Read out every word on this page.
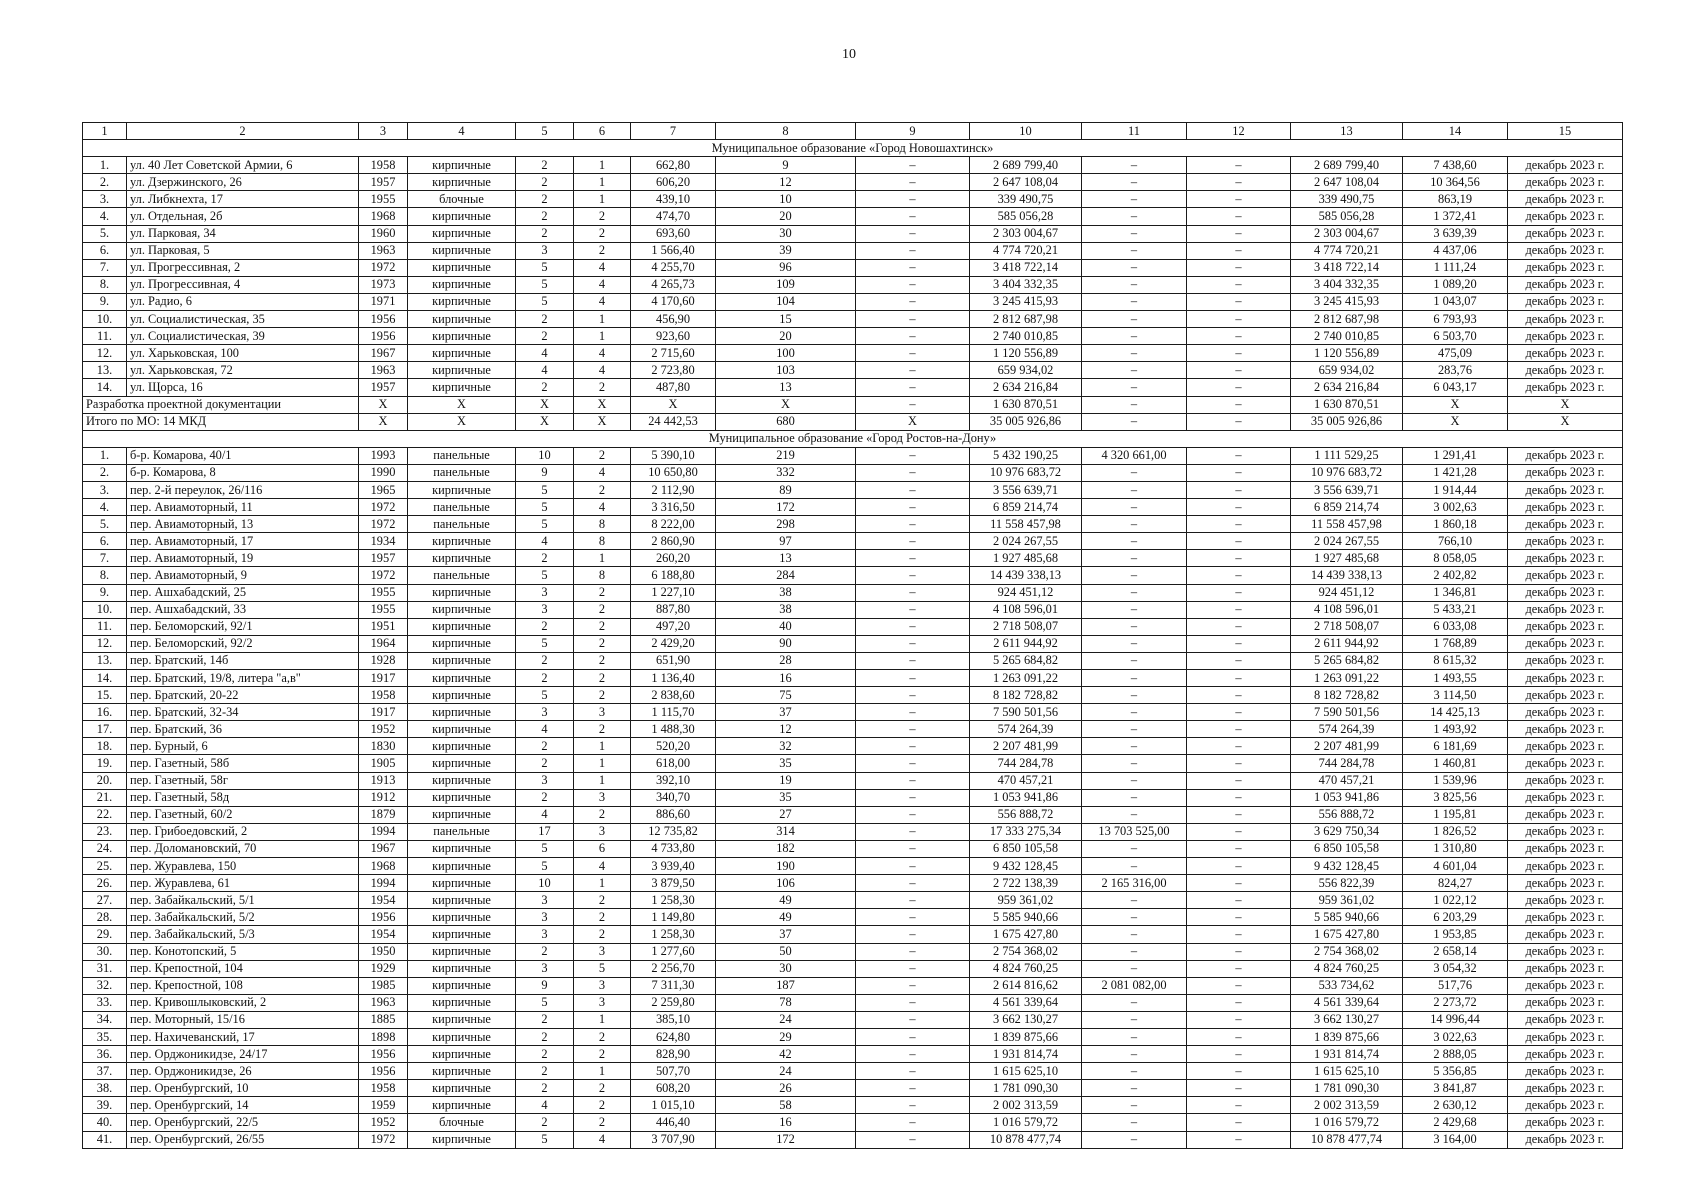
10
1	2	3	4	5	6	7	8	9	10	11	12	13	14	15
Муниципальное образование «Город Новошахтинск»														
1.	ул. 40 Лет Советской Армии, 6	1958	кирпичные	2	1	662,80	9	–	2 689 799,40	–	–	2 689 799,40	7 438,60	декабрь 2023 г.
2.	ул. Дзержинского, 26	1957	кирпичные	2	1	606,20	12	–	2 647 108,04	–	–	2 647 108,04	10 364,56	декабрь 2023 г.
3.	ул. Либкнехта, 17	1955	блочные	2	1	439,10	10	–	339 490,75	–	–	339 490,75	863,19	декабрь 2023 г.
4.	ул. Отдельная, 2б	1968	кирпичные	2	2	474,70	20	–	585 056,28	–	–	585 056,28	1 372,41	декабрь 2023 г.
5.	ул. Парковая, 34	1960	кирпичные	2	2	693,60	30	–	2 303 004,67	–	–	2 303 004,67	3 639,39	декабрь 2023 г.
6.	ул. Парковая, 5	1963	кирпичные	3	2	1 566,40	39	–	4 774 720,21	–	–	4 774 720,21	4 437,06	декабрь 2023 г.
7.	ул. Прогрессивная, 2	1972	кирпичные	5	4	4 255,70	96	–	3 418 722,14	–	–	3 418 722,14	1 111,24	декабрь 2023 г.
8.	ул. Прогрессивная, 4	1973	кирпичные	5	4	4 265,73	109	–	3 404 332,35	–	–	3 404 332,35	1 089,20	декабрь 2023 г.
9.	ул. Радио, 6	1971	кирпичные	5	4	4 170,60	104	–	3 245 415,93	–	–	3 245 415,93	1 043,07	декабрь 2023 г.
10.	ул. Социалистическая, 35	1956	кирпичные	2	1	456,90	15	–	2 812 687,98	–	–	2 812 687,98	6 793,93	декабрь 2023 г.
11.	ул. Социалистическая, 39	1956	кирпичные	2	1	923,60	20	–	2 740 010,85	–	–	2 740 010,85	6 503,70	декабрь 2023 г.
12.	ул. Харьковская, 100	1967	кирпичные	4	4	2 715,60	100	–	1 120 556,89	–	–	1 120 556,89	475,09	декабрь 2023 г.
13.	ул. Харьковская, 72	1963	кирпичные	4	4	2 723,80	103	–	659 934,02	–	–	659 934,02	283,76	декабрь 2023 г.
14.	ул. Щорса, 16	1957	кирпичные	2	2	487,80	13	–	2 634 216,84	–	–	2 634 216,84	6 043,17	декабрь 2023 г.
Разработка проектной документации		X	X	X	X	X	X	–	1 630 870,51	–	–	1 630 870,51	X	X
Итого по МО: 14 МКД		X	X	X	X	24 442,53	680	X	35 005 926,86	–	–	35 005 926,86	X	X
Муниципальное образование «Город Ростов-на-Дону»														
1.	б-р. Комарова, 40/1	1993	панельные	10	2	5 390,10	219	–	5 432 190,25	4 320 661,00	–	1 111 529,25	1 291,41	декабрь 2023 г.
2.	б-р. Комарова, 8	1990	панельные	9	4	10 650,80	332	–	10 976 683,72	–	–	10 976 683,72	1 421,28	декабрь 2023 г.
3.	пер. 2-й переулок, 26/116	1965	кирпичные	5	2	2 112,90	89	–	3 556 639,71	–	–	3 556 639,71	1 914,44	декабрь 2023 г.
4.	пер. Авиамоторный, 11	1972	панельные	5	4	3 316,50	172	–	6 859 214,74	–	–	6 859 214,74	3 002,63	декабрь 2023 г.
5.	пер. Авиамоторный, 13	1972	панельные	5	8	8 222,00	298	–	11 558 457,98	–	–	11 558 457,98	1 860,18	декабрь 2023 г.
6.	пер. Авиамоторный, 17	1934	кирпичные	4	8	2 860,90	97	–	2 024 267,55	–	–	2 024 267,55	766,10	декабрь 2023 г.
7.	пер. Авиамоторный, 19	1957	кирпичные	2	1	260,20	13	–	1 927 485,68	–	–	1 927 485,68	8 058,05	декабрь 2023 г.
8.	пер. Авиамоторный, 9	1972	панельные	5	8	6 188,80	284	–	14 439 338,13	–	–	14 439 338,13	2 402,82	декабрь 2023 г.
9.	пер. Ашхабадский, 25	1955	кирпичные	3	2	1 227,10	38	–	924 451,12	–	–	924 451,12	1 346,81	декабрь 2023 г.
10.	пер. Ашхабадский, 33	1955	кирпичные	3	2	887,80	38	–	4 108 596,01	–	–	4 108 596,01	5 433,21	декабрь 2023 г.
11.	пер. Беломорский, 92/1	1951	кирпичные	2	2	497,20	40	–	2 718 508,07	–	–	2 718 508,07	6 033,08	декабрь 2023 г.
12.	пер. Беломорский, 92/2	1964	кирпичные	5	2	2 429,20	90	–	2 611 944,92	–	–	2 611 944,92	1 768,89	декабрь 2023 г.
13.	пер. Братский, 14б	1928	кирпичные	2	2	651,90	28	–	5 265 684,82	–	–	5 265 684,82	8 615,32	декабрь 2023 г.
14.	пер. Братский, 19/8, литера "а,в"	1917	кирпичные	2	2	1 136,40	16	–	1 263 091,22	–	–	1 263 091,22	1 493,55	декабрь 2023 г.
15.	пер. Братский, 20-22	1958	кирпичные	5	2	2 838,60	75	–	8 182 728,82	–	–	8 182 728,82	3 114,50	декабрь 2023 г.
16.	пер. Братский, 32-34	1917	кирпичные	3	3	1 115,70	37	–	7 590 501,56	–	–	7 590 501,56	14 425,13	декабрь 2023 г.
17.	пер. Братский, 36	1952	кирпичные	4	2	1 488,30	12	–	574 264,39	–	–	574 264,39	1 493,92	декабрь 2023 г.
18.	пер. Бурный, 6	1830	кирпичные	2	1	520,20	32	–	2 207 481,99	–	–	2 207 481,99	6 181,69	декабрь 2023 г.
19.	пер. Газетный, 58б	1905	кирпичные	2	1	618,00	35	–	744 284,78	–	–	744 284,78	1 460,81	декабрь 2023 г.
20.	пер. Газетный, 58г	1913	кирпичные	3	1	392,10	19	–	470 457,21	–	–	470 457,21	1 539,96	декабрь 2023 г.
21.	пер. Газетный, 58д	1912	кирпичные	2	3	340,70	35	–	1 053 941,86	–	–	1 053 941,86	3 825,56	декабрь 2023 г.
22.	пер. Газетный, 60/2	1879	кирпичные	4	2	886,60	27	–	556 888,72	–	–	556 888,72	1 195,81	декабрь 2023 г.
23.	пер. Грибоедовский, 2	1994	панельные	17	3	12 735,82	314	–	17 333 275,34	13 703 525,00	–	3 629 750,34	1 826,52	декабрь 2023 г.
24.	пер. Доломановский, 70	1967	кирпичные	5	6	4 733,80	182	–	6 850 105,58	–	–	6 850 105,58	1 310,80	декабрь 2023 г.
25.	пер. Журавлева, 150	1968	кирпичные	5	4	3 939,40	190	–	9 432 128,45	–	–	9 432 128,45	4 601,04	декабрь 2023 г.
26.	пер. Журавлева, 61	1994	кирпичные	10	1	3 879,50	106	–	2 722 138,39	2 165 316,00	–	556 822,39	824,27	декабрь 2023 г.
27.	пер. Забайкальский, 5/1	1954	кирпичные	3	2	1 258,30	49	–	959 361,02	–	–	959 361,02	1 022,12	декабрь 2023 г.
28.	пер. Забайкальский, 5/2	1956	кирпичные	3	2	1 149,80	49	–	5 585 940,66	–	–	5 585 940,66	6 203,29	декабрь 2023 г.
29.	пер. Забайкальский, 5/3	1954	кирпичные	3	2	1 258,30	37	–	1 675 427,80	–	–	1 675 427,80	1 953,85	декабрь 2023 г.
30.	пер. Конотопский, 5	1950	кирпичные	2	3	1 277,60	50	–	2 754 368,02	–	–	2 754 368,02	2 658,14	декабрь 2023 г.
31.	пер. Крепостной, 104	1929	кирпичные	3	5	2 256,70	30	–	4 824 760,25	–	–	4 824 760,25	3 054,32	декабрь 2023 г.
32.	пер. Крепостной, 108	1985	кирпичные	9	3	7 311,30	187	–	2 614 816,62	2 081 082,00	–	533 734,62	517,76	декабрь 2023 г.
33.	пер. Кривошлыковский, 2	1963	кирпичные	5	3	2 259,80	78	–	4 561 339,64	–	–	4 561 339,64	2 273,72	декабрь 2023 г.
34.	пер. Моторный, 15/16	1885	кирпичные	2	1	385,10	24	–	3 662 130,27	–	–	3 662 130,27	14 996,44	декабрь 2023 г.
35.	пер. Нахичеванский, 17	1898	кирпичные	2	2	624,80	29	–	1 839 875,66	–	–	1 839 875,66	3 022,63	декабрь 2023 г.
36.	пер. Орджоникидзе, 24/17	1956	кирпичные	2	2	828,90	42	–	1 931 814,74	–	–	1 931 814,74	2 888,05	декабрь 2023 г.
37.	пер. Орджоникидзе, 26	1956	кирпичные	2	1	507,70	24	–	1 615 625,10	–	–	1 615 625,10	5 356,85	декабрь 2023 г.
38.	пер. Оренбургский, 10	1958	кирпичные	2	2	608,20	26	–	1 781 090,30	–	–	1 781 090,30	3 841,87	декабрь 2023 г.
39.	пер. Оренбургский, 14	1959	кирпичные	4	2	1 015,10	58	–	2 002 313,59	–	–	2 002 313,59	2 630,12	декабрь 2023 г.
40.	пер. Оренбургский, 22/5	1952	блочные	2	2	446,40	16	–	1 016 579,72	–	–	1 016 579,72	2 429,68	декабрь 2023 г.
41.	пер. Оренбургский, 26/55	1972	кирпичные	5	4	3 707,90	172	–	10 878 477,74	–	–	10 878 477,74	3 164,00	декабрь 2023 г.
